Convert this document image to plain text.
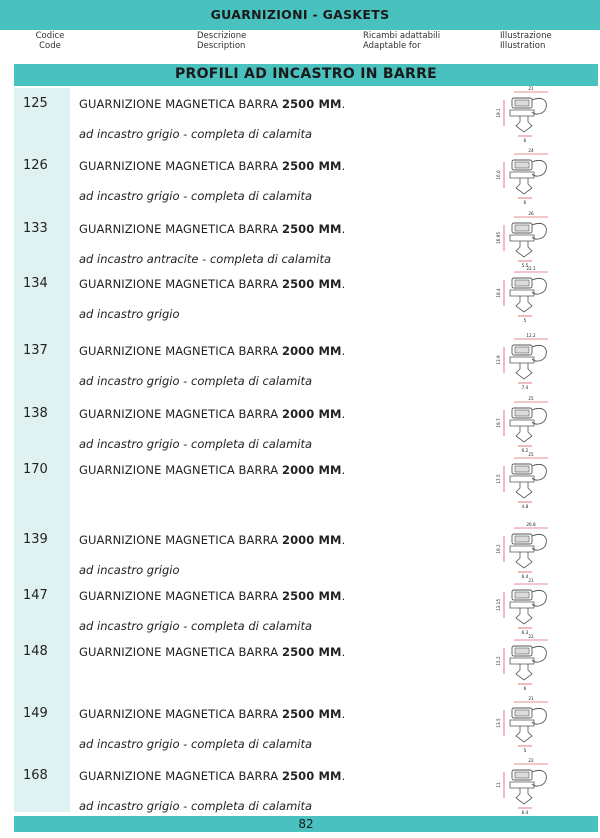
GUARNIZIONI - GASKETS
Codice
Code
Descrizione
Description
Ricambi adattabili
Adaptable for
Illustrazione
Illustration
PROFILI AD INCASTRO IN BARRE
125	GUARNIZIONE MAGNETICA BARRA 2500 MM.
ad incastro grigio - completa di calamita
21
19.1
6
126	GUARNIZIONE MAGNETICA BARRA 2500 MM.
ad incastro grigio - completa di calamita
24
16.0
6
133	GUARNIZIONE MAGNETICA BARRA 2500 MM.
ad incastro antracite - completa di calamita
26
16.95
5.5
134	GUARNIZIONE MAGNETICA BARRA 2500 MM.
ad incastro grigio
22.1
18.4
5
137	GUARNIZIONE MAGNETICA BARRA 2000 MM.
ad incastro grigio - completa di calamita
12.2
13.9
7.4
138	GUARNIZIONE MAGNETICA BARRA 2000 MM.
ad incastro grigio - completa di calamita
25
19.7
6.2
170	GUARNIZIONE MAGNETICA BARRA 2000 MM.
25
17.5
4.8
139	GUARNIZIONE MAGNETICA BARRA 2000 MM.
ad incastro grigio
26.8
19.2
6.4
147	GUARNIZIONE MAGNETICA BARRA 2500 MM.
ad incastro grigio - completa di calamita
21
13.15
6.3
148	GUARNIZIONE MAGNETICA BARRA 2500 MM.
22
15.2
6
149	GUARNIZIONE MAGNETICA BARRA 2500 MM.
ad incastro grigio - completa di calamita
21
13.5
5
168	GUARNIZIONE MAGNETICA BARRA 2500 MM.
ad incastro grigio - completa di calamita
22
11
6.4
82
